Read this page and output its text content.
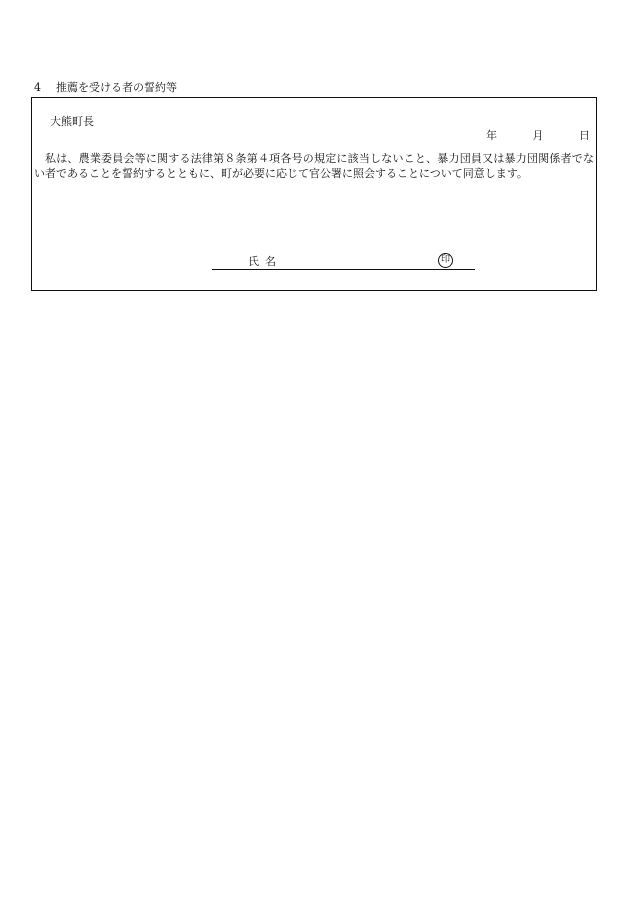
4 推薦を受ける者の誓約等
大熊町長
年	月	日
私は、農業委員会等に関する法律第８条第４項各号の規定に該当しないこと、暴力団員又は暴力団関係者でない者であることを誓約するとともに、町が必要に応じて官公署に照会することについて同意します。
氏名	印
